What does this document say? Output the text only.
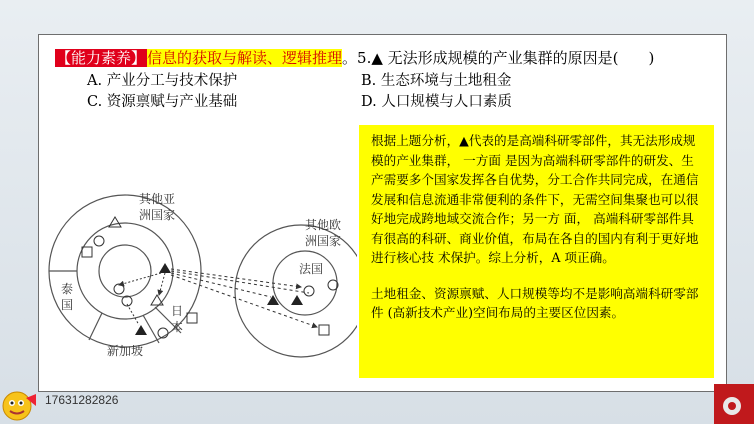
【能力素养】信息的获取与解读、逻辑推理。5.▲ 无法形成规模的产业集群的原因是(　　)
A. 产业分工与技术保护	B. 生态环境与土地租金
C. 资源禀赋与产业基础	D. 人口规模与人口素质
其他亚
洲国家
泰
国	日
本
新加坡
其他欧
洲国家
法国

根据上题分析，▲代表的是高端科研零部件，其无法形成规模的产业集群， 一方面 是因为高端科研零部件的研发、生产需要多个国家发挥各自优势，分工合作共同完成，在通信 发展和信息流通非常便利的条件下，无需空间集聚也可以很好地完成跨地域交流合作；另一方 面， 高端科研零部件具有很高的科研、商业价值，布局在各自的国内有利于更好地进行核心技 术保护。综上分析，A 项正确。

土地租金、资源禀赋、人口规模等均不是影响高端科研零部件 (高新技术产业)空间布局的主要区位因素。

17631282826
